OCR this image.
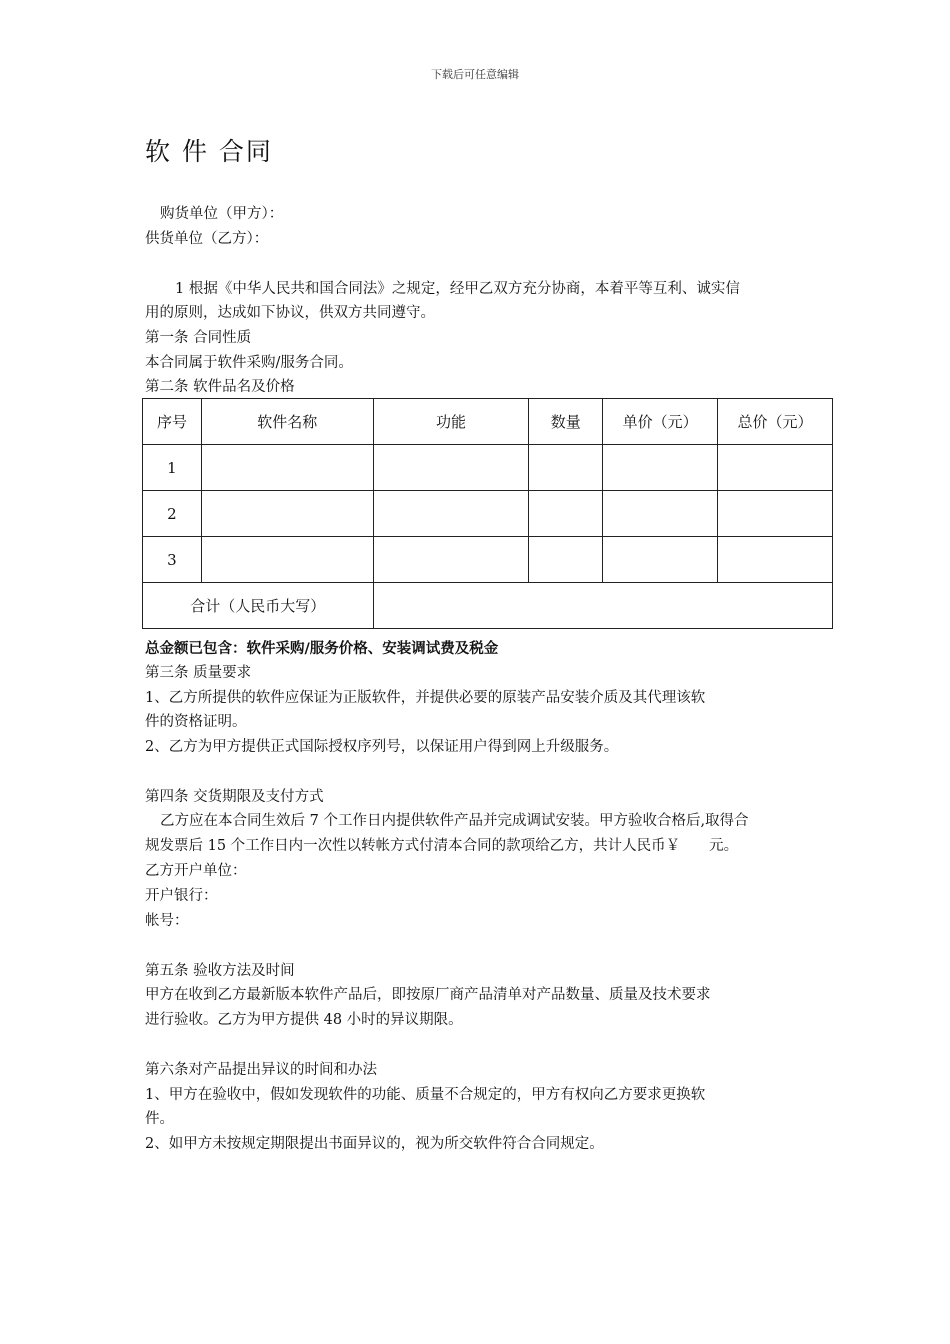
下载后可任意编辑
软 件 合同
购货单位（甲方）：
供货单位（乙方）：
1 根据《中华人民共和国合同法》之规定，经甲乙双方充分协商，本着平等互利、诚实信
用的原则，达成如下协议，供双方共同遵守。
第一条 合同性质
本合同属于软件采购/服务合同。
第二条 软件品名及价格
序号	软件名称	功能	数量	单价（元）	总价（元）
1					
2					
3					
合计（人民币大写）					
总金额已包含：软件采购/服务价格、安装调试费及税金
第三条 质量要求
1、乙方所提供的软件应保证为正版软件，并提供必要的原装产品安装介质及其代理该软
件的资格证明。
2、乙方为甲方提供正式国际授权序列号，以保证用户得到网上升级服务。
第四条 交货期限及支付方式
乙方应在本合同生效后 7 个工作日内提供软件产品并完成调试安装。甲方验收合格后,取得合
规发票后 15 个工作日内一次性以转帐方式付清本合同的款项给乙方，共计人民币￥　　元。
乙方开户单位：
开户银行：
帐号：
第五条 验收方法及时间
甲方在收到乙方最新版本软件产品后，即按原厂商产品清单对产品数量、质量及技术要求
进行验收。乙方为甲方提供 48 小时的异议期限。
第六条对产品提出异议的时间和办法
1、甲方在验收中，假如发现软件的功能、质量不合规定的，甲方有权向乙方要求更换软
件。
2、如甲方未按规定期限提出书面异议的，视为所交软件符合合同规定。
